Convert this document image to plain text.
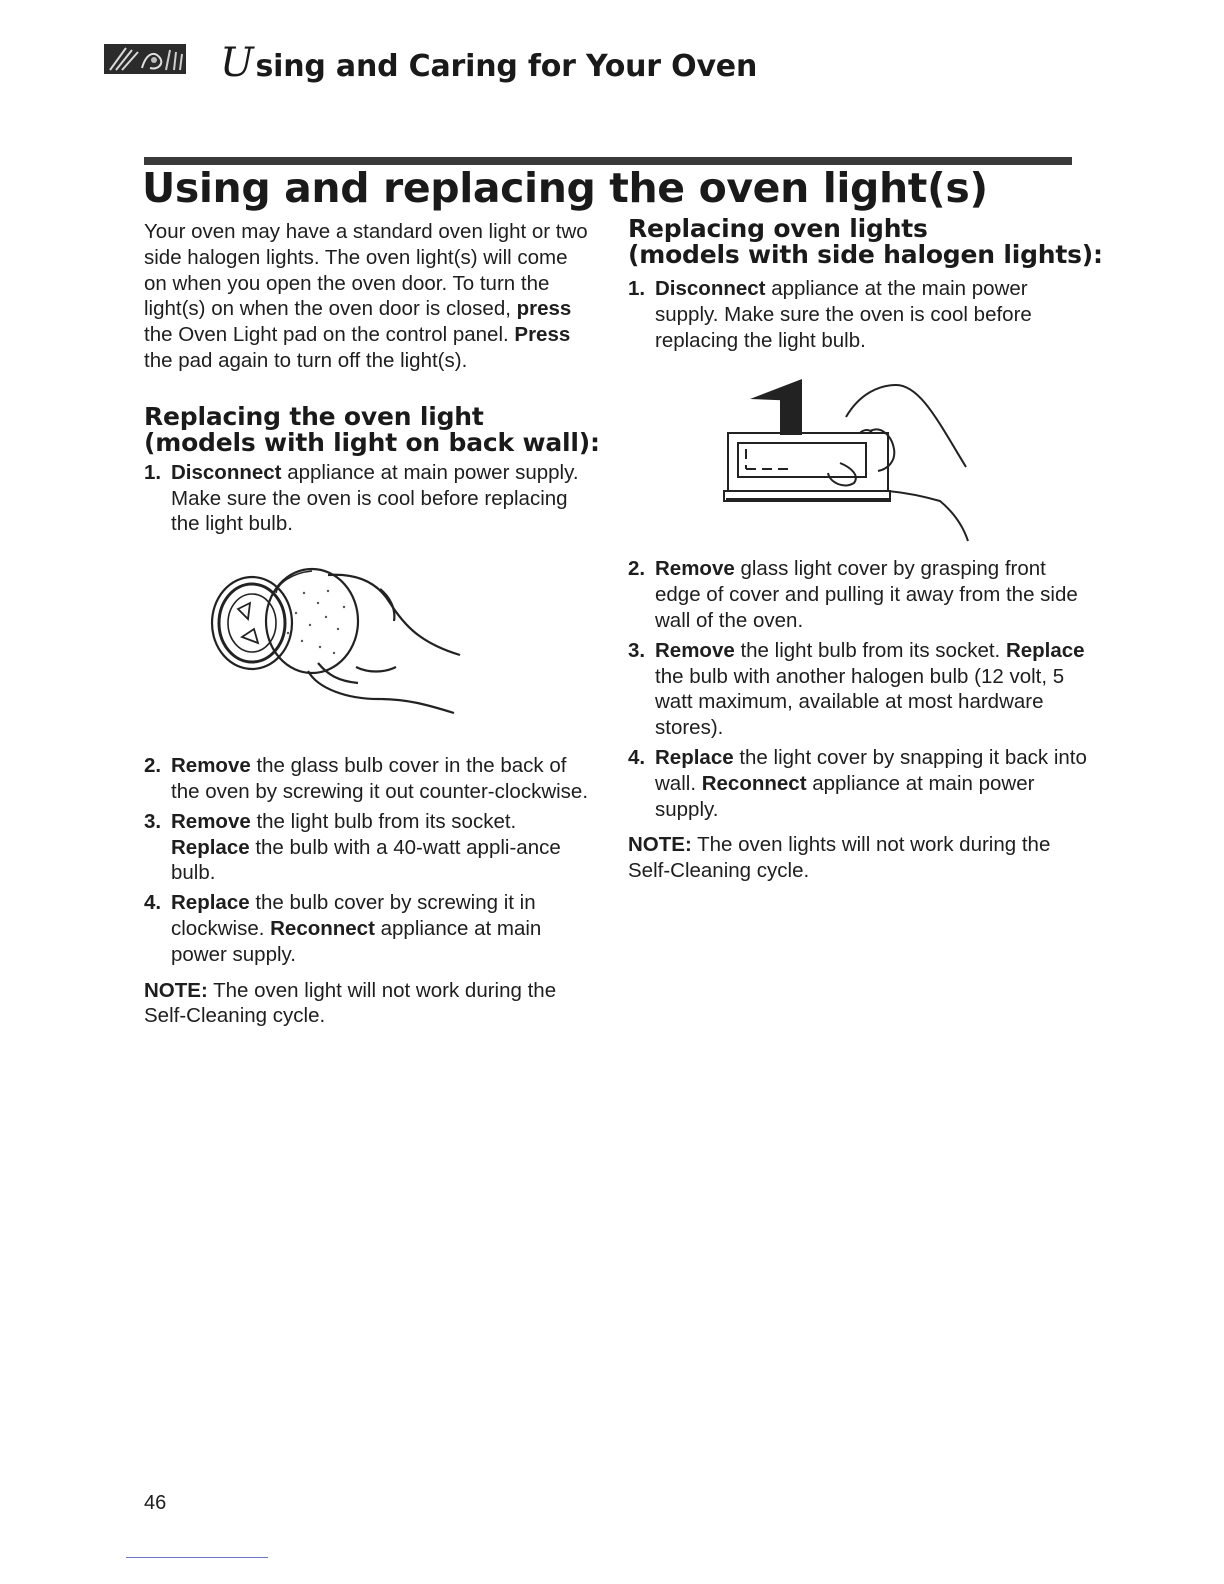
Using and Caring for Your Oven
Using and replacing the oven light(s)

Your oven may have a standard oven light or two side halogen lights. The oven light(s) will come on when you open the oven door. To turn the light(s) on when the oven door is closed, press the Oven Light pad on the control panel. Press the pad again to turn off the light(s).

Replacing the oven light
(models with light on back wall):

1. Disconnect appliance at main power supply. Make sure the oven is cool before replacing the light bulb.

2. Remove the glass bulb cover in the back of the oven by screwing it out counter-clockwise.

3. Remove the light bulb from its socket. Replace the bulb with a 40-watt appli-ance bulb.

4. Replace the bulb cover by screwing it in clockwise. Reconnect appliance at main power supply.

NOTE: The oven light will not work during the Self-Cleaning cycle.

Replacing oven lights
(models with side halogen lights):

1. Disconnect appliance at the main power supply. Make sure the oven is cool before replacing the light bulb.

2. Remove glass light cover by grasping front edge of cover and pulling it away from the side wall of the oven.

3. Remove the light bulb from its socket. Replace the bulb with another halogen bulb (12 volt, 5 watt maximum, available at most hardware stores).

4. Replace the light cover by snapping it back into wall. Reconnect appliance at main power supply.

NOTE: The oven lights will not work during the Self-Cleaning cycle.

46
